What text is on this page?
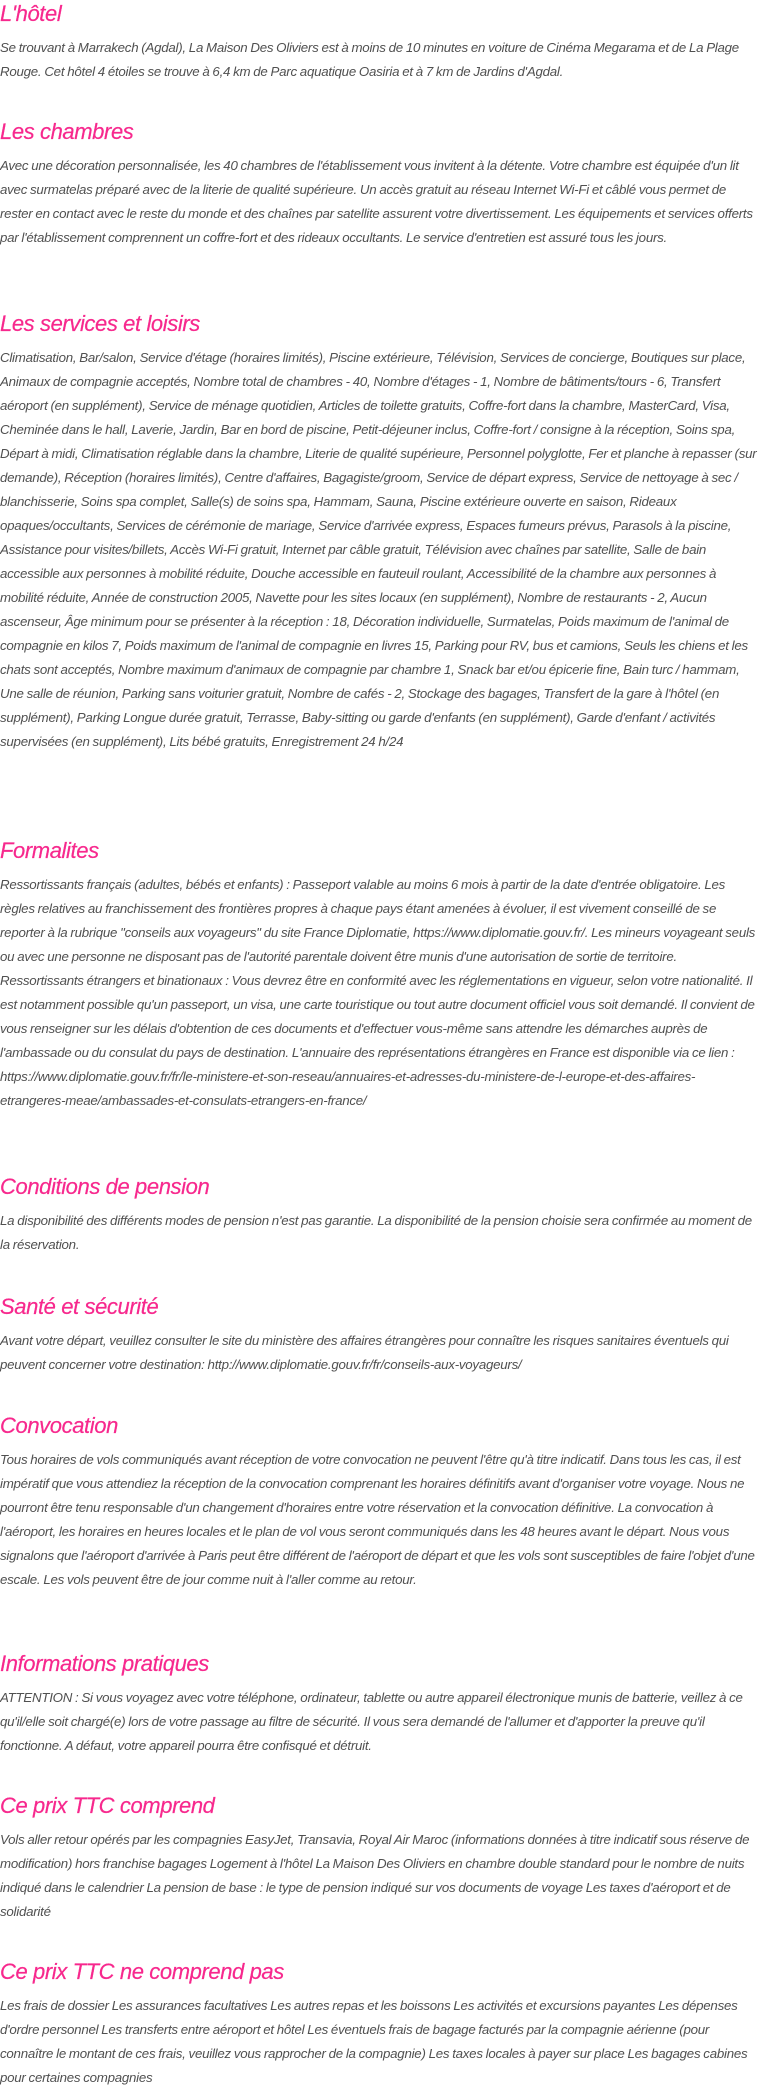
L'hôtel

Se trouvant à Marrakech (Agdal), La Maison Des Oliviers est à moins de 10 minutes en voiture de Cinéma Megarama et de La Plage Rouge. Cet hôtel 4 étoiles se trouve à 6,4 km de Parc aquatique Oasiria et à 7 km de Jardins d'Agdal.

Les chambres

Avec une décoration personnalisée, les 40 chambres de l'établissement vous invitent à la détente. Votre chambre est équipée d'un lit avec surmatelas préparé avec de la literie de qualité supérieure. Un accès gratuit au réseau Internet Wi-Fi et câblé vous permet de rester en contact avec le reste du monde et des chaînes par satellite assurent votre divertissement. Les équipements et services offerts par l'établissement comprennent un coffre-fort et des rideaux occultants. Le service d'entretien est assuré tous les jours.

Les services et loisirs

Climatisation, Bar/salon, Service d'étage (horaires limités), Piscine extérieure, Télévision, Services de concierge, Boutiques sur place, Animaux de compagnie acceptés, Nombre total de chambres - 40, Nombre d'étages - 1, Nombre de bâtiments/tours - 6, Transfert aéroport (en supplément), Service de ménage quotidien, Articles de toilette gratuits, Coffre-fort dans la chambre, MasterCard, Visa, Cheminée dans le hall, Laverie, Jardin, Bar en bord de piscine, Petit-déjeuner inclus, Coffre-fort / consigne à la réception, Soins spa, Départ à midi, Climatisation réglable dans la chambre, Literie de qualité supérieure, Personnel polyglotte, Fer et planche à repasser (sur demande), Réception (horaires limités), Centre d'affaires, Bagagiste/groom, Service de départ express, Service de nettoyage à sec / blanchisserie, Soins spa complet, Salle(s) de soins spa, Hammam, Sauna, Piscine extérieure ouverte en saison, Rideaux opaques/occultants, Services de cérémonie de mariage, Service d'arrivée express, Espaces fumeurs prévus, Parasols à la piscine, Assistance pour visites/billets, Accès Wi-Fi gratuit, Internet par câble gratuit, Télévision avec chaînes par satellite, Salle de bain accessible aux personnes à mobilité réduite, Douche accessible en fauteuil roulant, Accessibilité de la chambre aux personnes à mobilité réduite, Année de construction 2005, Navette pour les sites locaux (en supplément), Nombre de restaurants - 2, Aucun ascenseur, Âge minimum pour se présenter à la réception : 18, Décoration individuelle, Surmatelas, Poids maximum de l'animal de compagnie en kilos 7, Poids maximum de l'animal de compagnie en livres 15, Parking pour RV, bus et camions, Seuls les chiens et les chats sont acceptés, Nombre maximum d'animaux de compagnie par chambre 1, Snack bar et/ou épicerie fine, Bain turc / hammam, Une salle de réunion, Parking sans voiturier gratuit, Nombre de cafés - 2, Stockage des bagages, Transfert de la gare à l'hôtel (en supplément), Parking Longue durée gratuit, Terrasse, Baby-sitting ou garde d'enfants (en supplément), Garde d'enfant / activités supervisées (en supplément), Lits bébé gratuits, Enregistrement 24 h/24

Formalites

Ressortissants français (adultes, bébés et enfants) : Passeport valable au moins 6 mois à partir de la date d'entrée obligatoire. Les règles relatives au franchissement des frontières propres à chaque pays étant amenées à évoluer, il est vivement conseillé de se reporter à la rubrique "conseils aux voyageurs" du site France Diplomatie, https://www.diplomatie.gouv.fr/. Les mineurs voyageant seuls ou avec une personne ne disposant pas de l'autorité parentale doivent être munis d'une autorisation de sortie de territoire. Ressortissants étrangers et binationaux : Vous devrez être en conformité avec les réglementations en vigueur, selon votre nationalité. Il est notamment possible qu'un passeport, un visa, une carte touristique ou tout autre document officiel vous soit demandé. Il convient de vous renseigner sur les délais d'obtention de ces documents et d'effectuer vous-même sans attendre les démarches auprès de l'ambassade ou du consulat du pays de destination. L'annuaire des représentations étrangères en France est disponible via ce lien : https://www.diplomatie.gouv.fr/fr/le-ministere-et-son-reseau/annuaires-et-adresses-du-ministere-de-l-europe-et-des-affaires-etrangeres-meae/ambassades-et-consulats-etrangers-en-france/

Conditions de pension

La disponibilité des différents modes de pension n'est pas garantie. La disponibilité de la pension choisie sera confirmée au moment de la réservation.

Santé et sécurité

Avant votre départ, veuillez consulter le site du ministère des affaires étrangères pour connaître les risques sanitaires éventuels qui peuvent concerner votre destination: http://www.diplomatie.gouv.fr/fr/conseils-aux-voyageurs/

Convocation

Tous horaires de vols communiqués avant réception de votre convocation ne peuvent l'être qu'à titre indicatif. Dans tous les cas, il est impératif que vous attendiez la réception de la convocation comprenant les horaires définitifs avant d'organiser votre voyage. Nous ne pourront être tenu responsable d'un changement d'horaires entre votre réservation et la convocation définitive. La convocation à l'aéroport, les horaires en heures locales et le plan de vol vous seront communiqués dans les 48 heures avant le départ. Nous vous signalons que l'aéroport d'arrivée à Paris peut être différent de l'aéroport de départ et que les vols sont susceptibles de faire l'objet d'une escale. Les vols peuvent être de jour comme nuit à l'aller comme au retour.

Informations pratiques

ATTENTION : Si vous voyagez avec votre téléphone, ordinateur, tablette ou autre appareil électronique munis de batterie, veillez à ce qu'il/elle soit chargé(e) lors de votre passage au filtre de sécurité. Il vous sera demandé de l'allumer et d'apporter la preuve qu'il fonctionne. A défaut, votre appareil pourra être confisqué et détruit.

Ce prix TTC comprend

Vols aller retour opérés par les compagnies EasyJet, Transavia, Royal Air Maroc (informations données à titre indicatif sous réserve de modification) hors franchise bagages Logement à l'hôtel La Maison Des Oliviers en chambre double standard pour le nombre de nuits indiqué dans le calendrier La pension de base : le type de pension indiqué sur vos documents de voyage Les taxes d'aéroport et de solidarité

Ce prix TTC ne comprend pas

Les frais de dossier Les assurances facultatives Les autres repas et les boissons Les activités et excursions payantes Les dépenses d'ordre personnel Les transferts entre aéroport et hôtel Les éventuels frais de bagage facturés par la compagnie aérienne (pour connaître le montant de ces frais, veuillez vous rapprocher de la compagnie) Les taxes locales à payer sur place Les bagages cabines pour certaines compagnies
